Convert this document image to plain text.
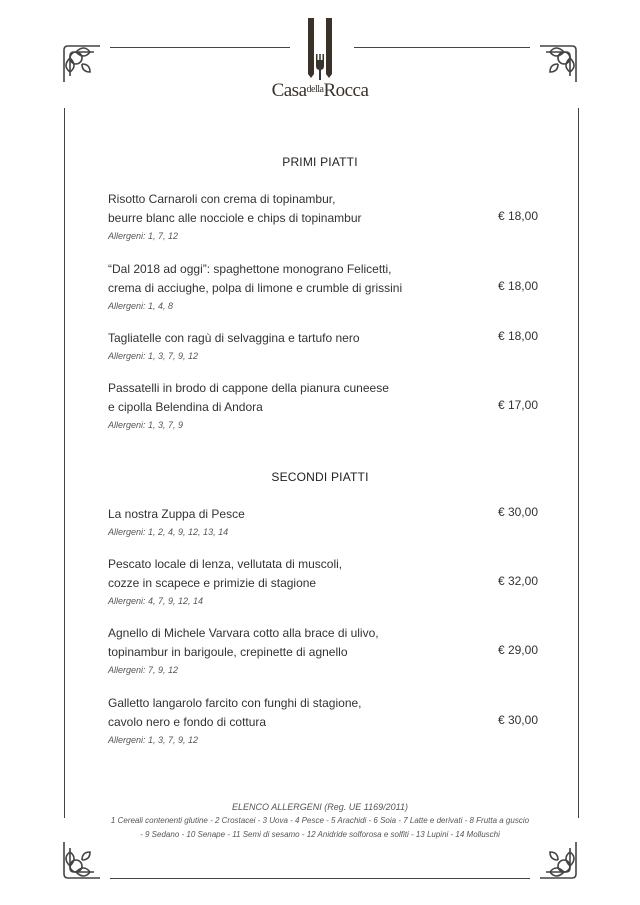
Casa$^{della}$Rocca
PRIMI PIATTI
Risotto Carnaroli con crema di topinambur,
beurre blanc alle nocciole e chips di topinambur
Allergeni: 1, 7, 12
€ 18,00
“Dal 2018 ad oggi”: spaghettone monograno Felicetti,
crema di acciughe, polpa di limone e crumble di grissini
Allergeni: 1, 4, 8
€ 18,00
Tagliatelle con ragù di selvaggina e tartufo nero
Allergeni: 1, 3, 7, 9, 12
€ 18,00
Passatelli in brodo di cappone della pianura cuneese
e cipolla Belendina di Andora
Allergeni: 1, 3, 7, 9
€ 17,00
SECONDI PIATTI
La nostra Zuppa di Pesce
Allergeni: 1, 2, 4, 9, 12, 13, 14
€ 30,00
Pescato locale di lenza, vellutata di muscoli,
cozze in scapece e primizie di stagione
Allergeni: 4, 7, 9, 12, 14
€ 32,00
Agnello di Michele Varvara cotto alla brace di ulivo,
topinambur in barigoule, crepinette di agnello
Allergeni: 7, 9, 12
€ 29,00
Galletto langarolo farcito con funghi di stagione,
cavolo nero e fondo di cottura
Allergeni: 1, 3, 7, 9, 12
€ 30,00
ELENCO ALLERGENI (Reg. UE 1169/2011)
1 Cereali contenenti glutine - 2 Crostacei - 3 Uova - 4 Pesce - 5 Arachidi - 6 Soia - 7 Latte e derivati - 8 Frutta a guscio
- 9 Sedano - 10 Senape - 11 Semi di sesamo - 12 Anidride solforosa e solfiti - 13 Lupini - 14 Molluschi
